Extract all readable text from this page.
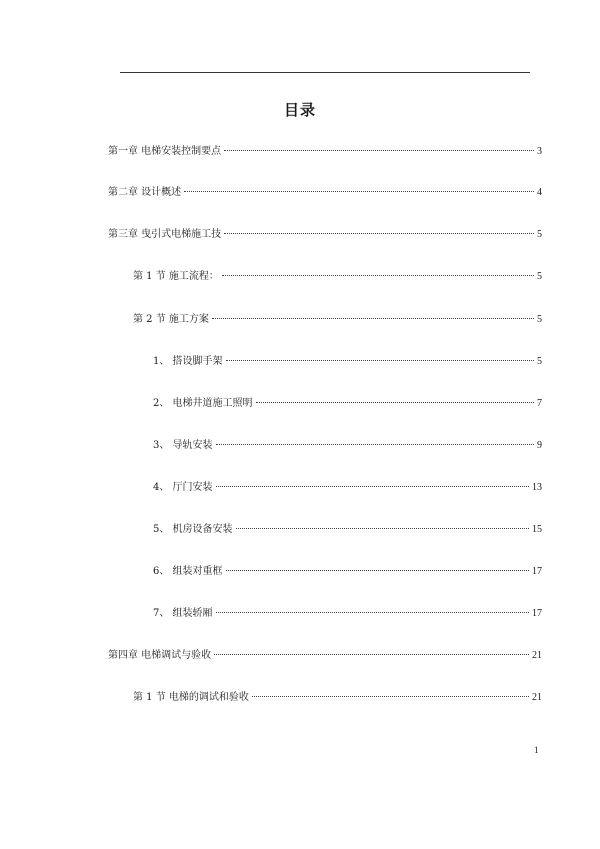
目录
第一章 电梯安装控制要点	3
第二章 设计概述	4
第三章 曳引式电梯施工技	5
第 1 节 施工流程：	5
第 2 节 施工方案	5
1、 搭设脚手架	5
2、 电梯井道施工照明	7
3、 导轨安装	9
4、 厅门安装	13
5、 机房设备安装	15
6、 组装对重框	17
7、 组装轿厢	17
第四章 电梯调试与验收	21
第 1 节 电梯的调试和验收	21
1
